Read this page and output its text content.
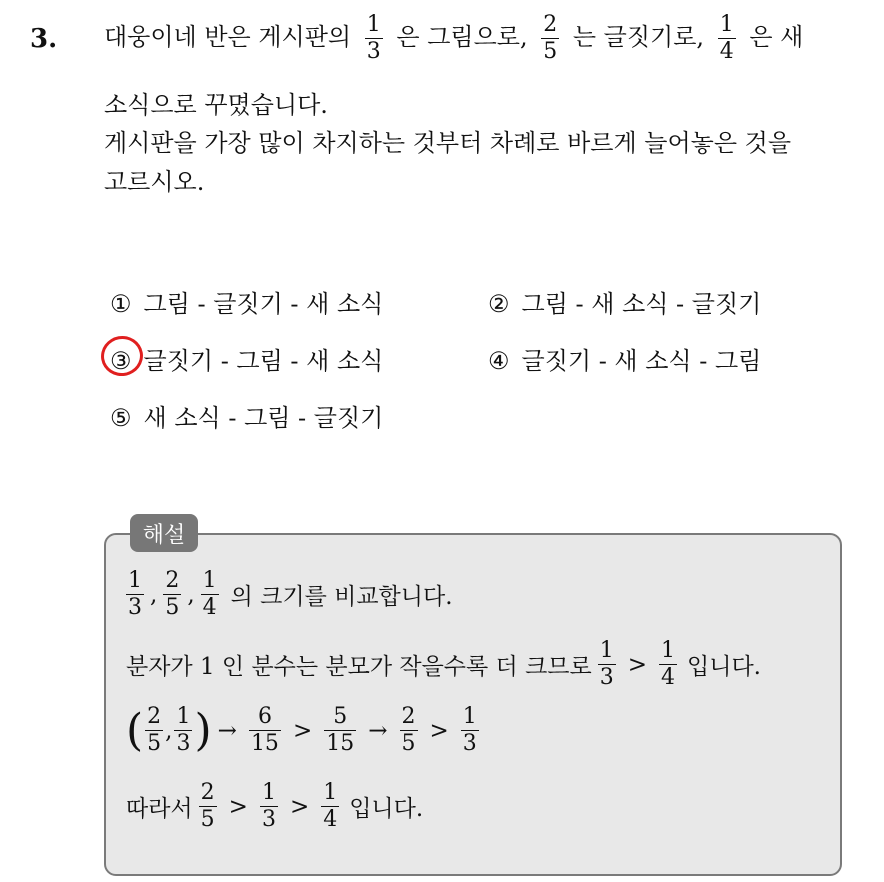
3. 대웅이네 반은 게시판의 $\frac{1}{3}$ 은 그림으로, $\frac{2}{5}$ 는 글짓기로, $\frac{1}{4}$ 은 새
소식으로 꾸몄습니다.
게시판을 가장 많이 차지하는 것부터 차례로 바르게 늘어놓은 것을
고르시오.
① 그림 - 글짓기 - 새 소식	② 그림 - 새 소식 - 글짓기
③ 글짓기 - 그림 - 새 소식	④ 글짓기 - 새 소식 - 그림
⑤ 새 소식 - 그림 - 글짓기
해설
$\frac{1}{3}$ , $\frac{2}{5}$ , $\frac{1}{4}$ 의 크기를 비교합니다.
분자가 1 인 분수는 분모가 작을수록 더 크므로 $\frac{1}{3} > \frac{1}{4}$ 입니다.
( $\frac{2}{5}$ , $\frac{1}{3}$ ) → $\frac{6}{15} > \frac{5}{15} \to \frac{2}{5} > \frac{1}{3}$
따라서 $\frac{2}{5} > \frac{1}{3} > \frac{1}{4}$ 입니다.
